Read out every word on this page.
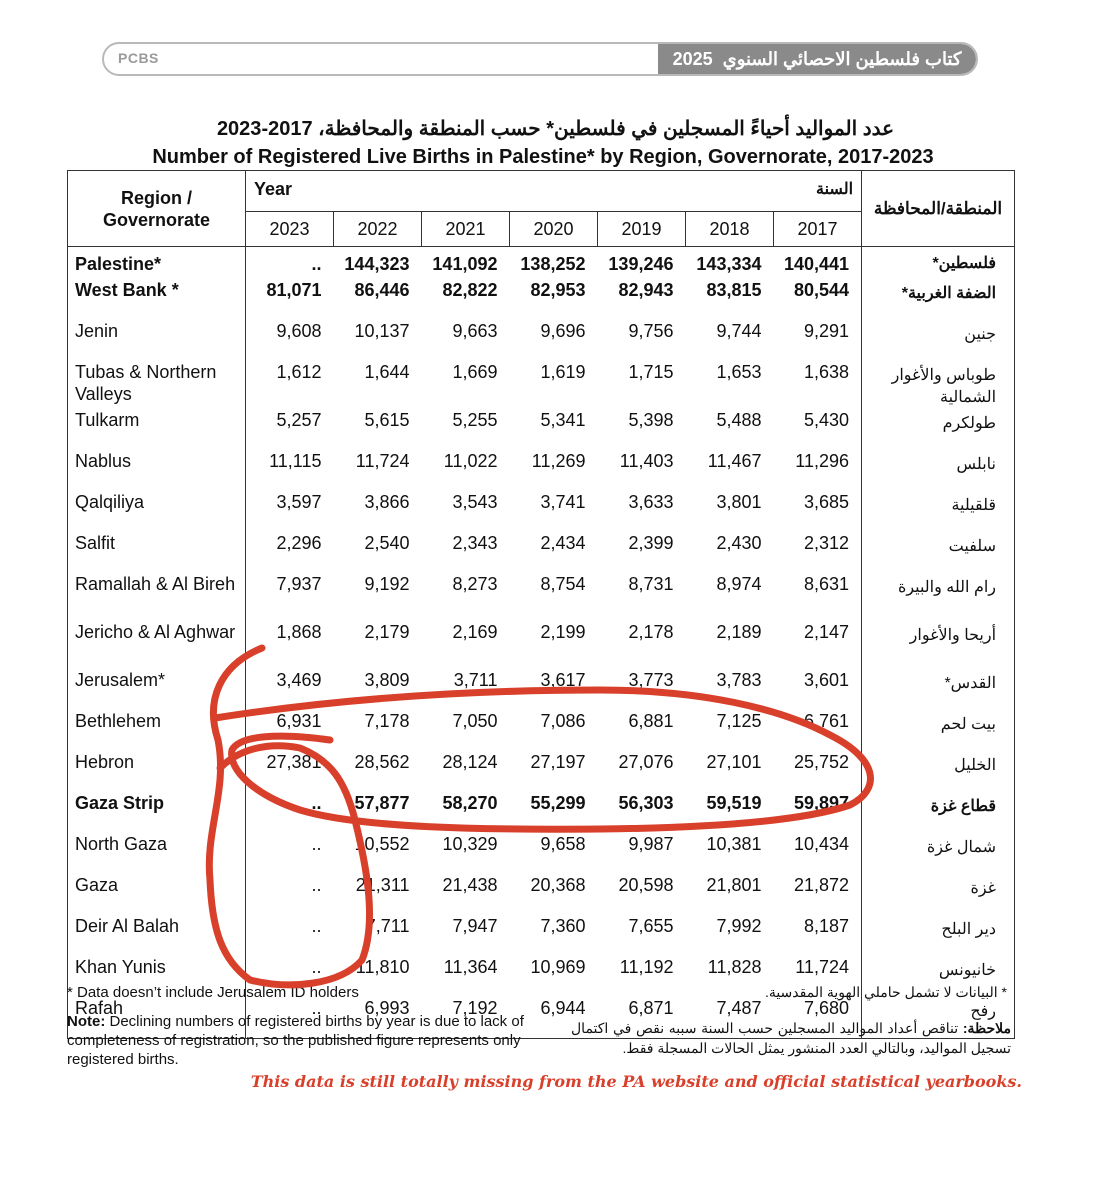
PCBS	كتاب فلسطين الاحصائي السنوي
2025
عدد المواليد أحياءً المسجلين في فلسطين* حسب المنطقة والمحافظة، 2017-2023
Number of Registered Live Births in Palestine* by Region, Governorate, 2017-2023
Region / Governorate	Year السنة							المنطقة/المحافظة
	2023	2022	2021	2020	2019	2018	2017	
Palestine*	..	144,323	141,092	138,252	139,246	143,334	140,441	فلسطين*
West Bank *	81,071	86,446	82,822	82,953	82,943	83,815	80,544	الضفة الغربية*
Jenin	9,608	10,137	9,663	9,696	9,756	9,744	9,291	جنين
Tubas & Northern Valleys	1,612	1,644	1,669	1,619	1,715	1,653	1,638	طوباس والأغوار الشمالية
Tulkarm	5,257	5,615	5,255	5,341	5,398	5,488	5,430	طولكرم
Nablus	11,115	11,724	11,022	11,269	11,403	11,467	11,296	نابلس
Qalqiliya	3,597	3,866	3,543	3,741	3,633	3,801	3,685	قلقيلية
Salfit	2,296	2,540	2,343	2,434	2,399	2,430	2,312	سلفيت
Ramallah & Al Bireh	7,937	9,192	8,273	8,754	8,731	8,974	8,631	رام الله والبيرة
Jericho & Al Aghwar	1,868	2,179	2,169	2,199	2,178	2,189	2,147	أريحا والأغوار
Jerusalem*	3,469	3,809	3,711	3,617	3,773	3,783	3,601	القدس*
Bethlehem	6,931	7,178	7,050	7,086	6,881	7,125	6,761	بيت لحم
Hebron	27,381	28,562	28,124	27,197	27,076	27,101	25,752	الخليل
Gaza Strip	..	57,877	58,270	55,299	56,303	59,519	59,897	قطاع غزة
North Gaza	..	10,552	10,329	9,658	9,987	10,381	10,434	شمال غزة
Gaza	..	21,311	21,438	20,368	20,598	21,801	21,872	غزة
Deir Al Balah	..	7,711	7,947	7,360	7,655	7,992	8,187	دير البلح
Khan Yunis	..	11,810	11,364	10,969	11,192	11,828	11,724	خانيونس
Rafah	..	6,993	7,192	6,944	6,871	7,487	7,680	رفح
* Data doesn’t include Jerusalem ID holders	* البيانات لا تشمل حاملي الهوية المقدسية.
Note: Declining numbers of registered births by year is due to lack of completeness of registration, so the published figure represents only registered births.
ملاحظة: تناقص أعداد المواليد المسجلين حسب السنة سببه نقص في اكتمال تسجيل المواليد، وبالتالي العدد المنشور يمثل الحالات المسجلة فقط.
This data is still totally missing from the PA website and official statistical yearbooks.
